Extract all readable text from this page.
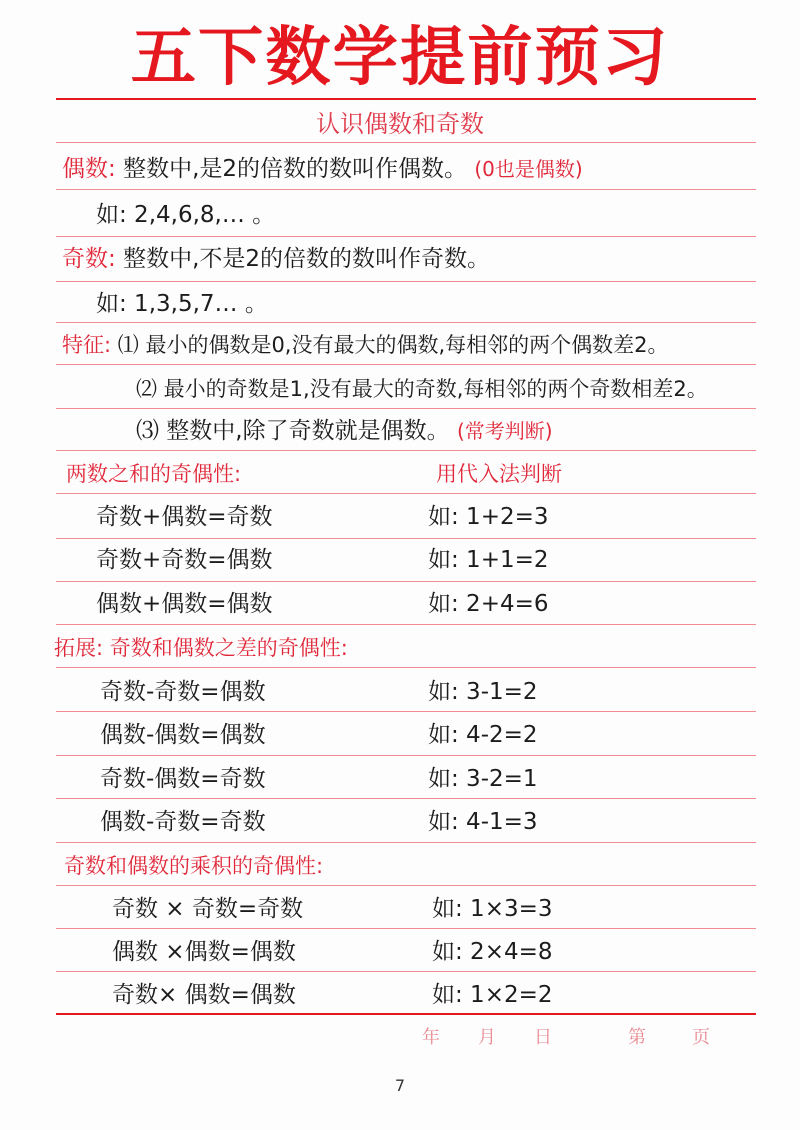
五下数学提前预习
认识偶数和奇数
偶数: 整数中,是2的倍数的数叫作偶数。 (0也是偶数)
如: 2,4,6,8,… 。
奇数: 整数中,不是2的倍数的数叫作奇数。
如: 1,3,5,7… 。
特征: ⑴ 最小的偶数是0,没有最大的偶数,每相邻的两个偶数差2。
⑵ 最小的奇数是1,没有最大的奇数,每相邻的两个奇数相差2。
⑶ 整数中,除了奇数就是偶数。 (常考判断)
两数之和的奇偶性:	用代入法判断
奇数+偶数=奇数	如: 1+2=3
奇数+奇数=偶数	如: 1+1=2
偶数+偶数=偶数	如: 2+4=6
拓展: 奇数和偶数之差的奇偶性:
奇数-奇数=偶数	如: 3-1=2
偶数-偶数=偶数	如: 4-2=2
奇数-偶数=奇数	如: 3-2=1
偶数-奇数=奇数	如: 4-1=3
奇数和偶数的乘积的奇偶性:
奇数 × 奇数=奇数	如: 1×3=3
偶数 ×偶数=偶数	如: 2×4=8
奇数× 偶数=偶数	如: 1×2=2
年 月 日	第	页
7
